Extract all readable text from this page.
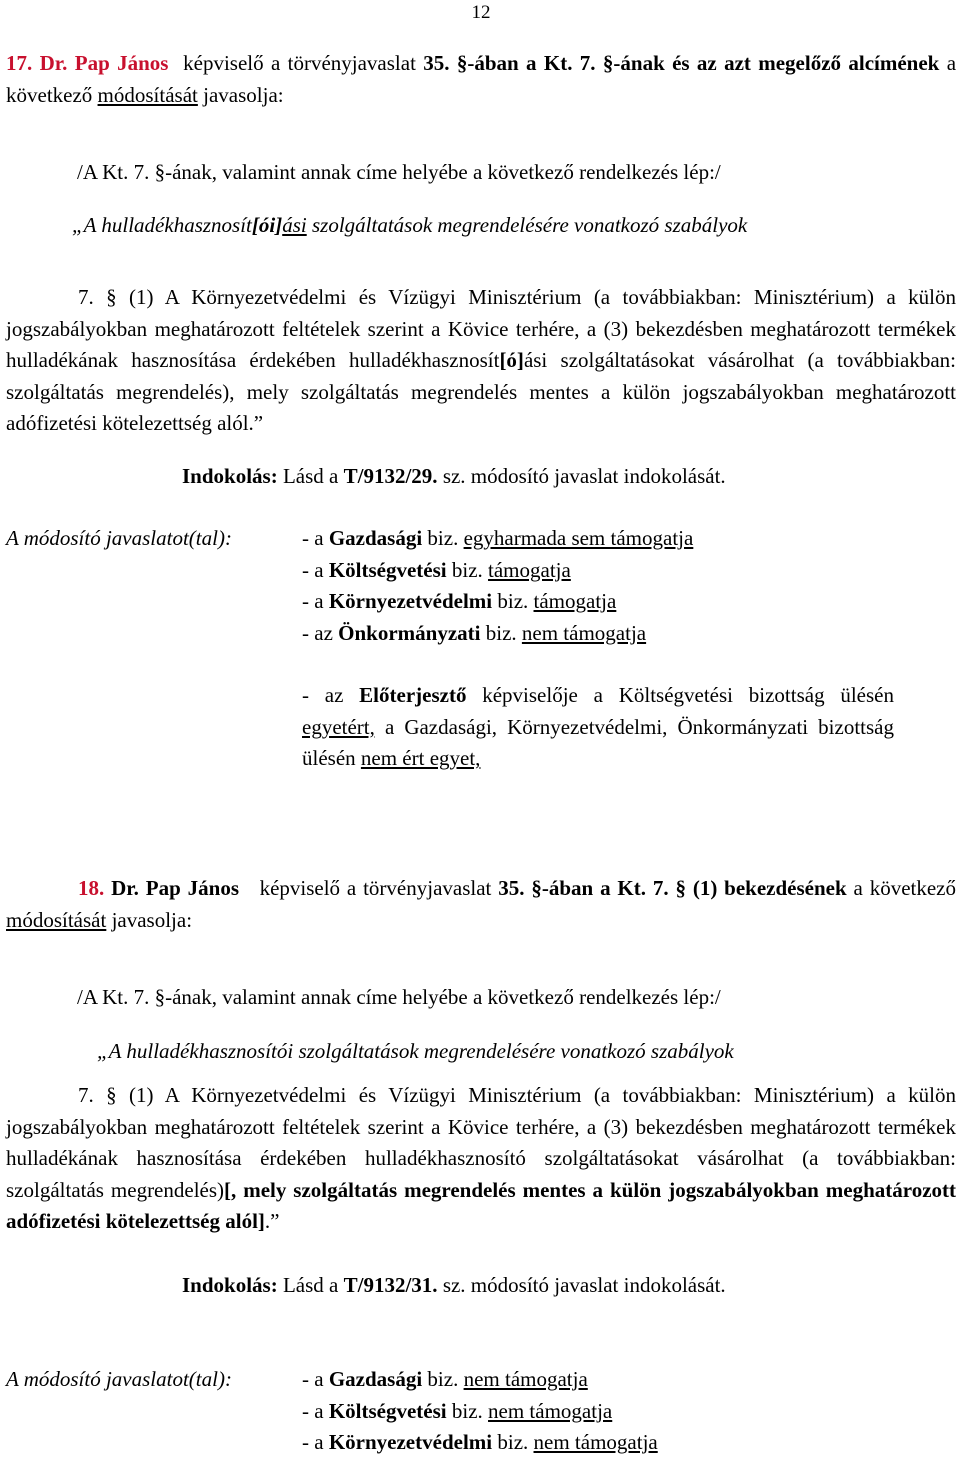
12

17. Dr. Pap János képviselő a törvényjavaslat 35. §-ában a Kt. 7. §-ának és az azt megelőző alcímének a következő módosítását javasolja:

/A Kt. 7. §-ának, valamint annak címe helyébe a következő rendelkezés lép:/

„A hulladékhasznosít[ói]ási szolgáltatások megrendelésére vonatkozó szabályok

7. § (1) A Környezetvédelmi és Vízügyi Minisztérium (a továbbiakban: Minisztérium) a külön jogszabályokban meghatározott feltételek szerint a Kövice terhére, a (3) bekezdésben meghatározott termékek hulladékának hasznosítása érdekében hulladékhasznosít[ó]ási szolgáltatásokat vásárolhat (a továbbiakban: szolgáltatás megrendelés), mely szolgáltatás megrendelés mentes a külön jogszabályokban meghatározott adófizetési kötelezettség alól.”

Indokolás: Lásd a T/9132/29. sz. módosító javaslat indokolását.

A módosító javaslatot(tal):	- a Gazdasági biz. egyharmada sem támogatja
- a Költségvetési biz. támogatja
- a Környezetvédelmi biz. támogatja
- az Önkormányzati biz. nem támogatja

- az Előterjesztő képviselője a Költségvetési bizottság ülésén egyetért, a Gazdasági, Környezetvédelmi, Önkormányzati bizottság ülésén nem ért egyet,

18. Dr. Pap János képviselő a törvényjavaslat 35. §-ában a Kt. 7. § (1) bekezdésének a következő módosítását javasolja:

/A Kt. 7. §-ának, valamint annak címe helyébe a következő rendelkezés lép:/

„A hulladékhasznosítói szolgáltatások megrendelésére vonatkozó szabályok

7. § (1) A Környezetvédelmi és Vízügyi Minisztérium (a továbbiakban: Minisztérium) a külön jogszabályokban meghatározott feltételek szerint a Kövice terhére, a (3) bekezdésben meghatározott termékek hulladékának hasznosítása érdekében hulladékhasznosító szolgáltatásokat vásárolhat (a továbbiakban: szolgáltatás megrendelés)[, mely szolgáltatás megrendelés mentes a külön jogszabályokban meghatározott adófizetési kötelezettség alól].”

Indokolás: Lásd a T/9132/31. sz. módosító javaslat indokolását.

A módosító javaslatot(tal):	- a Gazdasági biz. nem támogatja
- a Költségvetési biz. nem támogatja
- a Környezetvédelmi biz. nem támogatja
